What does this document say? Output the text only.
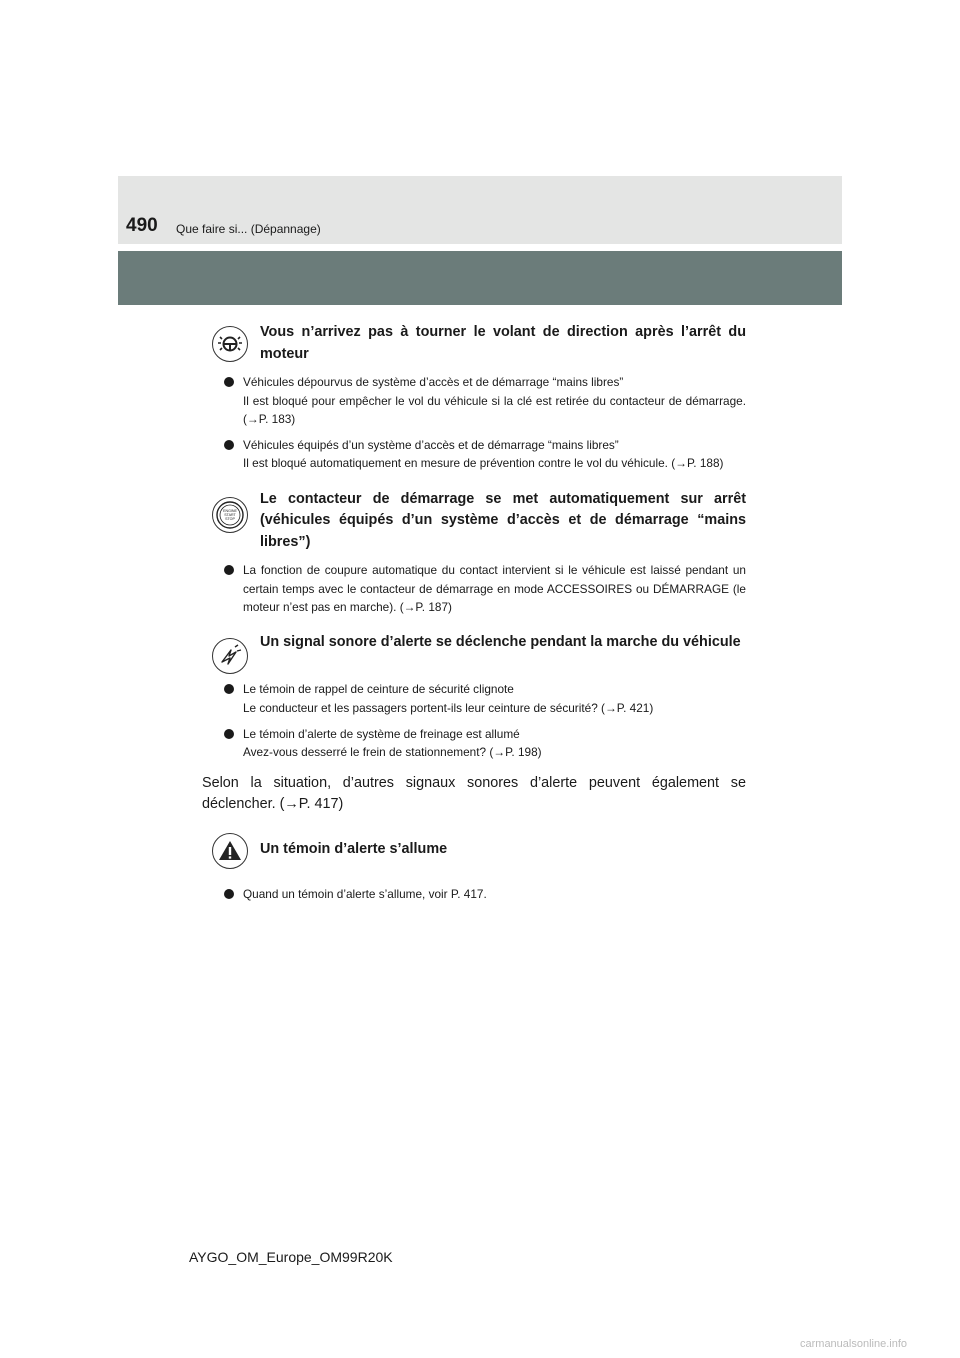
490 Que faire si... (Dépannage)
Vous n’arrivez pas à tourner le volant de direction après l’arrêt du moteur

Véhicules dépourvus de système d’accès et de démarrage “mains libres”

Il est bloqué pour empêcher le vol du véhicule si la clé est retirée du contacteur de démarrage. (→P. 183)

Véhicules équipés d’un système d’accès et de démarrage “mains libres”

Il est bloqué automatiquement en mesure de prévention contre le vol du véhicule. (→P. 188)

ENGINE
START
STOP
Le contacteur de démarrage se met automatiquement sur arrêt (véhicules équipés d’un système d’accès et de démarrage “mains libres”)

La fonction de coupure automatique du contact intervient si le véhicule est laissé pendant un certain temps avec le contacteur de démarrage en mode ACCESSOIRES ou DÉMARRAGE (le moteur n’est pas en marche). (→P. 187)

Un signal sonore d’alerte se déclenche pendant la marche du véhicule

Le témoin de rappel de ceinture de sécurité clignote

Le conducteur et les passagers portent-ils leur ceinture de sécurité? (→P. 421)

Le témoin d’alerte de système de freinage est allumé

Avez-vous desserré le frein de stationnement? (→P. 198)

Selon la situation, d’autres signaux sonores d’alerte peuvent également se déclencher. (→P. 417)
Un témoin d’alerte s’allume

Quand un témoin d’alerte s’allume, voir P. 417.

AYGO_OM_Europe_OM99R20K
carmanualsonline.info
